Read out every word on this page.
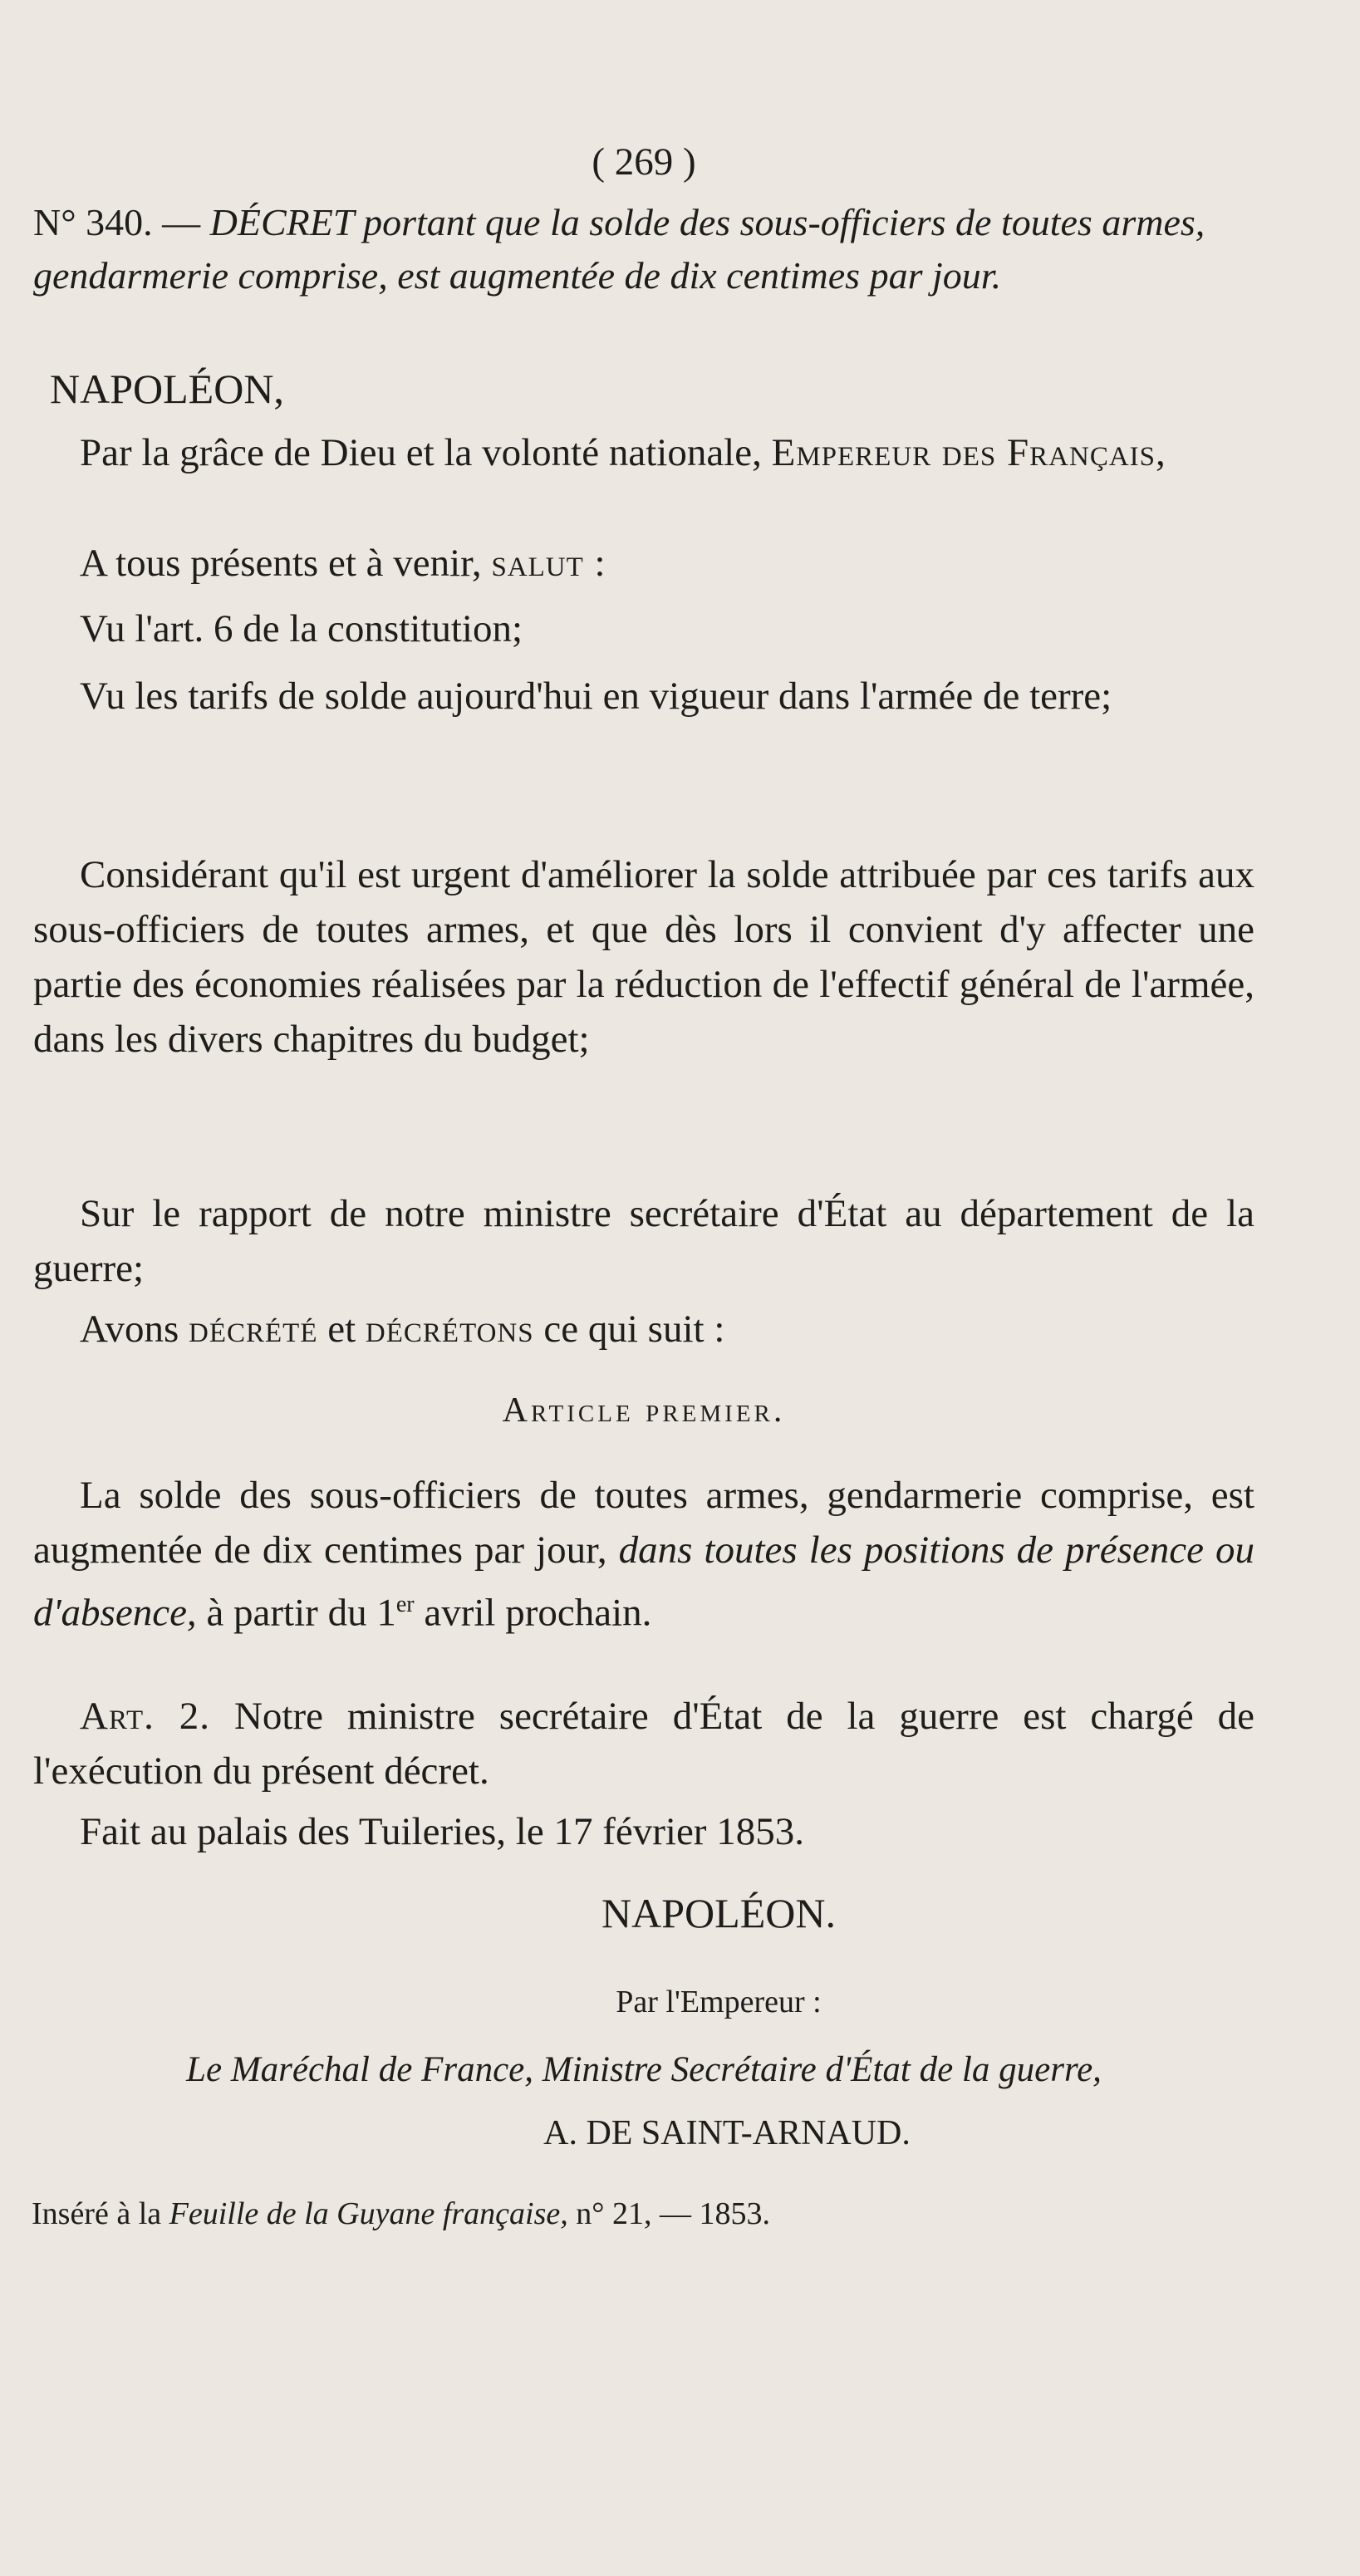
( 269 )
N° 340. — DÉCRET portant que la solde des sous-officiers de toutes armes, gendarmerie comprise, est augmentée de dix centimes par jour.
NAPOLÉON,
Par la grâce de Dieu et la volonté nationale, Empereur des Français,
A tous présents et à venir, salut :
Vu l'art. 6 de la constitution;
Vu les tarifs de solde aujourd'hui en vigueur dans l'armée de terre;
Considérant qu'il est urgent d'améliorer la solde attribuée par ces tarifs aux sous-officiers de toutes armes, et que dès lors il convient d'y affecter une partie des économies réalisées par la réduction de l'effectif général de l'armée, dans les divers chapitres du budget;
Sur le rapport de notre ministre secrétaire d'État au département de la guerre;
Avons décrété et décrétons ce qui suit :
Article premier.
La solde des sous-officiers de toutes armes, gendarmerie comprise, est augmentée de dix centimes par jour, dans toutes les positions de présence ou d'absence, à partir du 1er avril prochain.
Art. 2. Notre ministre secrétaire d'État de la guerre est chargé de l'exécution du présent décret.
Fait au palais des Tuileries, le 17 février 1853.
NAPOLÉON.
Par l'Empereur :
Le Maréchal de France, Ministre Secrétaire d'État de la guerre,
A. DE SAINT-ARNAUD.
Inséré à la Feuille de la Guyane française, n° 21, — 1853.
